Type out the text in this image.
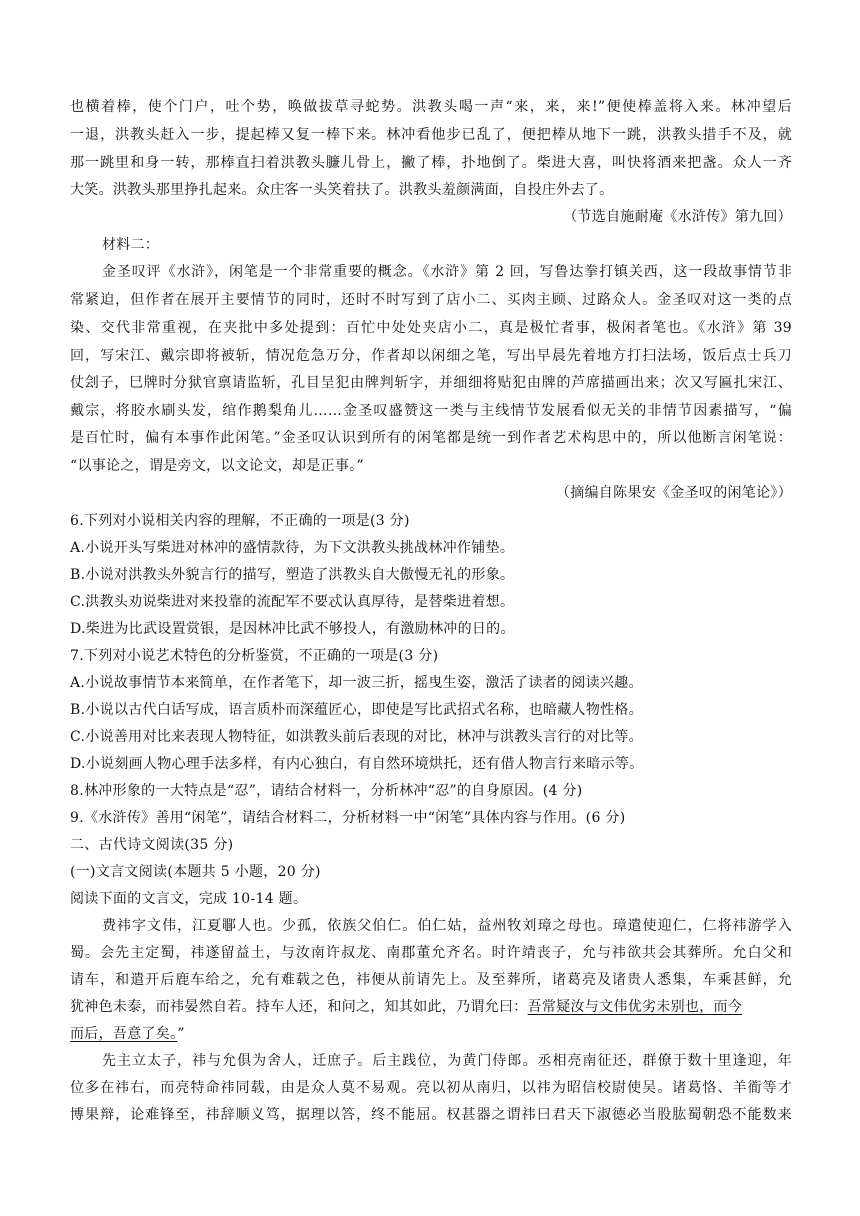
也横着棒，使个门户，吐个势，唤做拔草寻蛇势。洪教头喝一声“来，来，来!”便使棒盖将入来。林冲望后
一退，洪教头赶入一步，提起棒又复一棒下来。林冲看他步已乱了，便把棒从地下一跳，洪教头措手不及，就
那一跳里和身一转，那棒直扫着洪教头臁儿骨上，撇了棒，扑地倒了。柴进大喜，叫快将酒来把盏。众人一齐
大笑。洪教头那里挣扎起来。众庄客一头笑着扶了。洪教头羞颜满面，自投庄外去了。
（节选自施耐庵《水浒传》第九回）
材料二：
金圣叹评《水浒》，闲笔是一个非常重要的概念。《水浒》第 2 回，写鲁达拳打镇关西，这一段故事情节非
常紧迫，但作者在展开主要情节的同时，还时不时写到了店小二、买肉主顾、过路众人。金圣叹对这一类的点
染、交代非常重视，在夹批中多处提到：百忙中处处夹店小二，真是极忙者事，极闲者笔也。《水浒》第 39
回，写宋江、戴宗即将被斩，情况危急万分，作者却以闲细之笔，写出早晨先着地方打扫法场，饭后点士兵刀
仗刽子，巳牌时分狱官禀请监斩，孔目呈犯由牌判斩字，并细细将贴犯由牌的芦席描画出来；次又写匾扎宋江、
戴宗，将胶水刷头发，绾作鹅梨角儿……金圣叹盛赞这一类与主线情节发展看似无关的非情节因素描写，“偏
是百忙时，偏有本事作此闲笔。”金圣叹认识到所有的闲笔都是统一到作者艺术构思中的，所以他断言闲笔说：
“以事论之，谓是旁文，以文论文，却是正事。”
（摘编自陈果安《金圣叹的闲笔论》）
6.下列对小说相关内容的理解，不正确的一项是(3 分)
A.小说开头写柴进对林冲的盛情款待，为下文洪教头挑战林冲作铺垫。
B.小说对洪教头外貌言行的描写，塑造了洪教头自大傲慢无礼的形象。
C.洪教头劝说柴进对来投靠的流配军不要忒认真厚待，是替柴进着想。
D.柴进为比武设置赏银，是因林冲比武不够投人，有激励林冲的日的。
7.下列对小说艺术特色的分析鉴赏，不正确的一项是(3 分)
A.小说故事情节本来简单，在作者笔下，却一波三折，摇曳生姿，激活了读者的阅读兴趣。
B.小说以古代白话写成，语言质朴而深蕴匠心，即使是写比武招式名称，也暗藏人物性格。
C.小说善用对比来表现人物特征，如洪教头前后表现的对比，林冲与洪教头言行的对比等。
D.小说刻画人物心理手法多样，有内心独白，有自然环境烘托，还有借人物言行来暗示等。
8.林冲形象的一大特点是“忍”，请结合材料一，分析林冲“忍”的自身原因。(4 分)
9.《水浒传》善用“闲笔”，请结合材料二，分析材料一中“闲笔”具体内容与作用。(6 分)
二、古代诗文阅读(35 分)
(一)文言文阅读(本题共 5 小题，20 分)
阅读下面的文言文，完成 10-14 题。
费祎字文伟，江夏鄳人也。少孤，依族父伯仁。伯仁姑，益州牧刘璋之母也。璋遣使迎仁，仁将祎游学入
蜀。会先主定蜀，祎遂留益土，与汝南许叔龙、南郡董允齐名。时许靖丧子，允与祎欲共会其葬所。允白父和
请车，和遣开后鹿车给之，允有难载之色，祎便从前请先上。及至葬所，诸葛亮及诸贵人悉集，车乘甚鲜，允
犹神色未泰，而祎晏然自若。持车人还，和问之，知其如此，乃谓允曰：吾常疑汝与文伟优劣未别也，而今
而后，吾意了矣。”
先主立太子，祎与允俱为舍人，迁庶子。后主践位，为黄门侍郎。丞相亮南征还，群僚于数十里逢迎，年
位多在祎右，而亮特命祎同载，由是众人莫不易观。亮以初从南归，以祎为昭信校尉使吴。诸葛恪、羊衜等才
博果辩，论难锋至，祎辞顺义笃，据理以答，终不能屈。权甚器之谓祎曰君天下淑德必当股肱蜀朝恐不能数来
